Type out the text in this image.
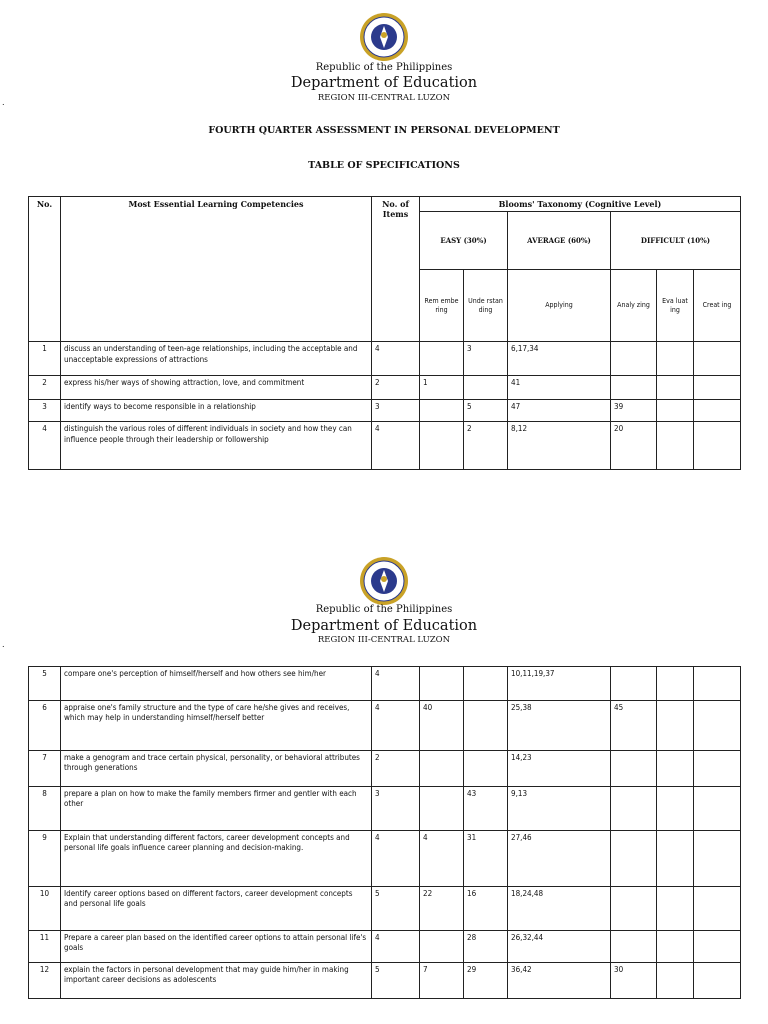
Republic of the Philippines
Department of Education
REGION III-CENTRAL LUZON
.
FOURTH QUARTER ASSESSMENT IN PERSONAL DEVELOPMENT
TABLE OF SPECIFICATIONS
No.	Most Essential Learning Competencies	No. of Items	Blooms' Taxonomy (Cognitive Level)					
			EASY (30%)		AVERAGE (60%)	DIFFICULT (10%)		
			Rem embe ring	Unde rstan ding	Applying	Analy zing	Eva luat ing	Creat ing
1	discuss an understanding of teen-age relationships, including the acceptable and unacceptable expressions of attractions	4		3	6,17,34			
2	express his/her ways of showing attraction, love, and commitment	2	1		41			
3	identify ways to become responsible in a relationship	3		5	47	39		
4	distinguish the various roles of different individuals in society and how they can influence people through their leadership or followership	4		2	8,12	20		
Republic of the Philippines
Department of Education
REGION III-CENTRAL LUZON
.
5	compare one's perception of himself/herself and how others see him/her	4			10,11,19,37			
6	appraise one's family structure and the type of care he/she gives and receives, which may help in understanding himself/herself better	4	40		25,38	45		
7	make a genogram and trace certain physical, personality, or behavioral attributes through generations	2			14,23			
8	prepare a plan on how to make the family members firmer and gentler with each other	3		43	9,13			
9	Explain that understanding different factors, career development concepts and personal life goals influence career planning and decision-making.	4	4	31	27,46			
10	Identify career options based on different factors, career development concepts and personal life goals	5	22	16	18,24,48			
11	Prepare a career plan based on the identified career options to attain personal life's goals	4		28	26,32,44			
12	explain the factors in personal development that may guide him/her in making important career decisions as adolescents	5	7	29	36,42	30		
